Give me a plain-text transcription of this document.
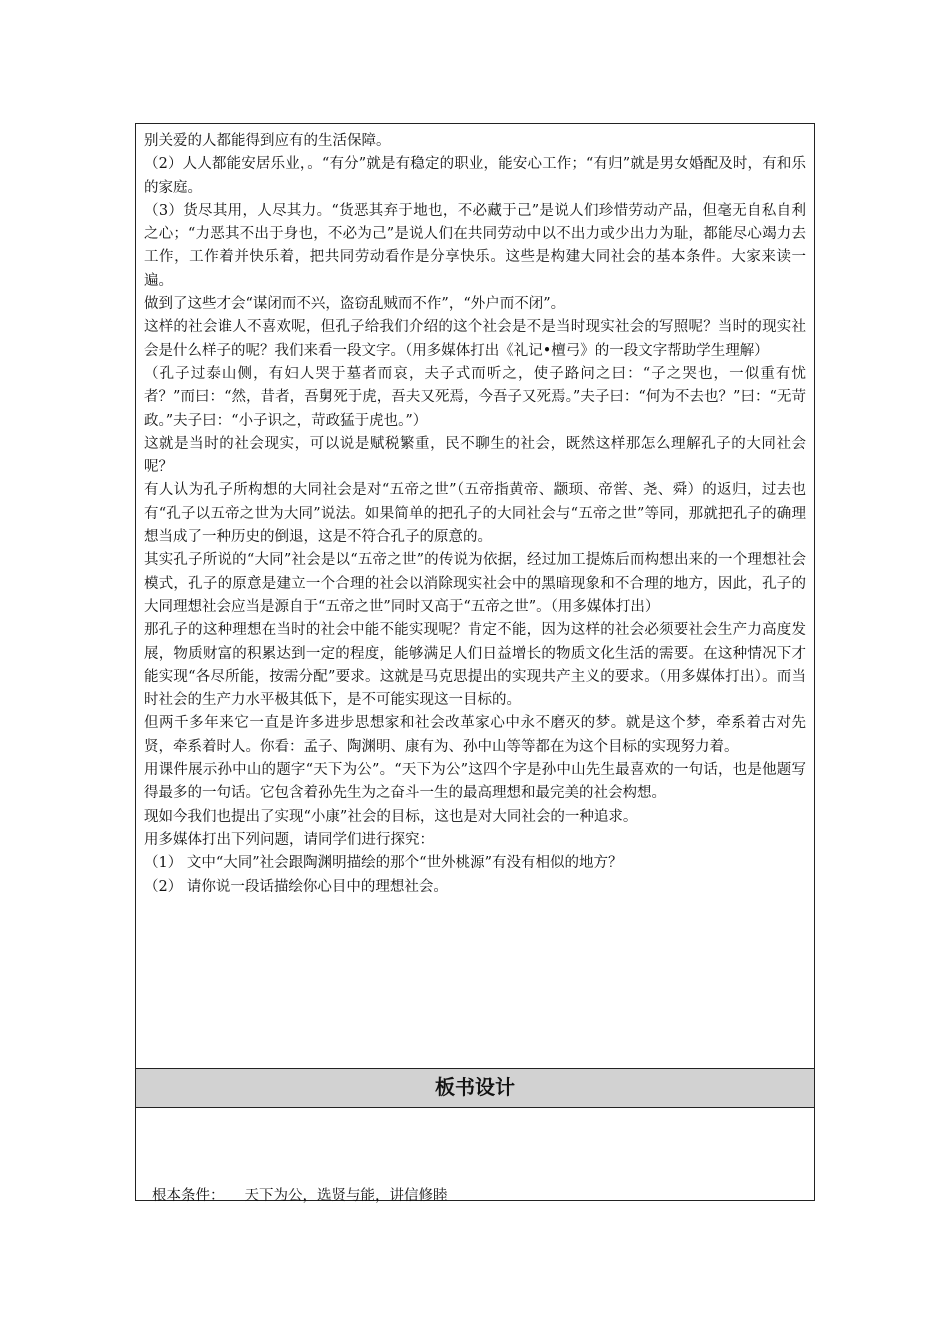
别关爱的人都能得到应有的生活保障。

（2）人人都能安居乐业，。“有分”就是有稳定的职业，能安心工作；“有归”就是男女婚配及时，有和乐的家庭。

（3）货尽其用，人尽其力。“货恶其弃于地也，不必藏于己”是说人们珍惜劳动产品，但毫无自私自利之心；“力恶其不出于身也，不必为己”是说人们在共同劳动中以不出力或少出力为耻，都能尽心竭力去工作，工作着并快乐着，把共同劳动看作是分享快乐。这些是构建大同社会的基本条件。大家来读一遍。

做到了这些才会“谋闭而不兴，盗窃乱贼而不作”，“外户而不闭”。

这样的社会谁人不喜欢呢，但孔子给我们介绍的这个社会是不是当时现实社会的写照呢？当时的现实社会是什么样子的呢？我们来看一段文字。（用多媒体打出《礼记•檀弓》的一段文字帮助学生理解）

（孔子过泰山侧，有妇人哭于墓者而哀，夫子式而听之，使子路问之曰：“子之哭也，一似重有忧者？”而曰：“然，昔者，吾舅死于虎，吾夫又死焉，今吾子又死焉。”夫子曰：“何为不去也？”曰：“无苛政。”夫子曰：“小子识之，苛政猛于虎也。”）

这就是当时的社会现实，可以说是赋税繁重，民不聊生的社会，既然这样那怎么理解孔子的大同社会呢？

有人认为孔子所构想的大同社会是对“五帝之世”（五帝指黄帝、颛顼、帝喾、尧、舜）的返归，过去也有“孔子以五帝之世为大同”说法。如果简单的把孔子的大同社会与“五帝之世”等同，那就把孔子的确理想当成了一种历史的倒退，这是不符合孔子的原意的。

其实孔子所说的“大同”社会是以“五帝之世”的传说为依据，经过加工提炼后而构想出来的一个理想社会模式，孔子的原意是建立一个合理的社会以消除现实社会中的黑暗现象和不合理的地方，因此，孔子的大同理想社会应当是源自于“五帝之世”同时又高于“五帝之世”。（用多媒体打出）

那孔子的这种理想在当时的社会中能不能实现呢？肯定不能，因为这样的社会必须要社会生产力高度发展，物质财富的积累达到一定的程度，能够满足人们日益增长的物质文化生活的需要。在这种情况下才能实现“各尽所能，按需分配”要求。这就是马克思提出的实现共产主义的要求。（用多媒体打出）。而当时社会的生产力水平极其低下，是不可能实现这一目标的。

但两千多年来它一直是许多进步思想家和社会改革家心中永不磨灭的梦。就是这个梦，牵系着古对先贤，牵系着时人。你看：孟子、陶渊明、康有为、孙中山等等都在为这个目标的实现努力着。

用课件展示孙中山的题字“天下为公”。“天下为公”这四个字是孙中山先生最喜欢的一句话，也是他题写得最多的一句话。它包含着孙先生为之奋斗一生的最高理想和最完美的社会构想。

现如今我们也提出了实现“小康”社会的目标，这也是对大同社会的一种追求。

用多媒体打出下列问题，请同学们进行探究：

（1） 文中“大同”社会跟陶渊明描绘的那个“世外桃源”有没有相似的地方？

（2） 请你说一段话描绘你心目中的理想社会。

板书设计
根本条件： 天下为公，选贤与能，讲信修睦
